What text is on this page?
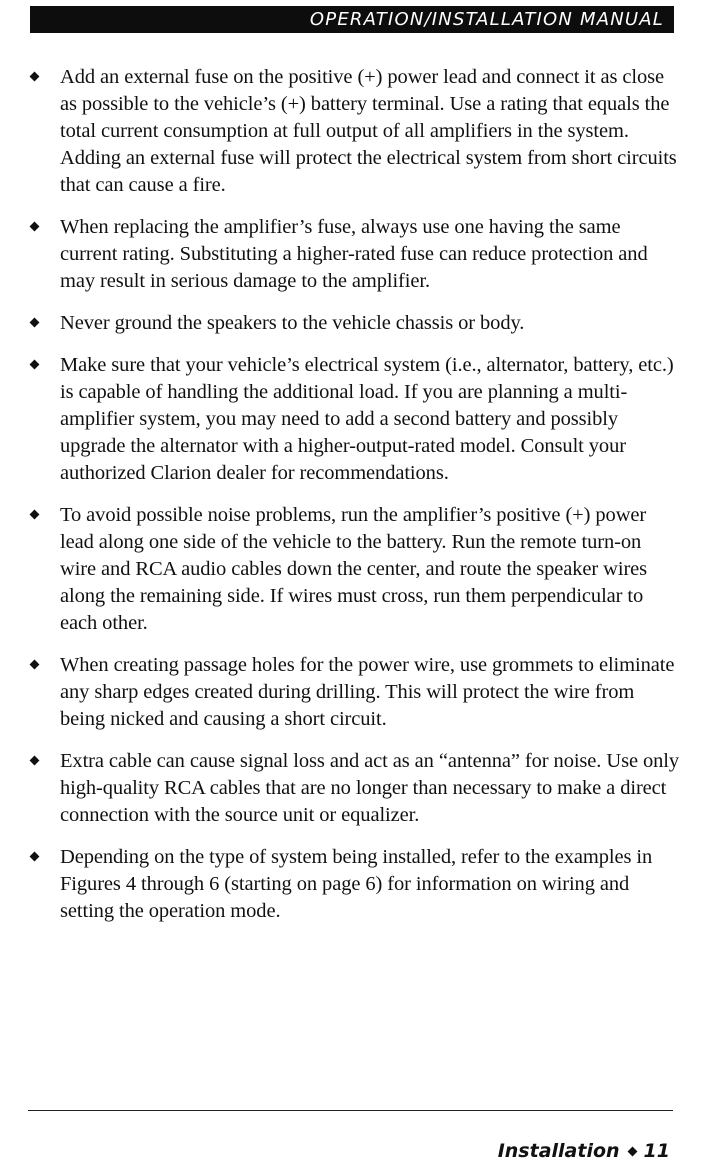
OPERATION/INSTALLATION MANUAL
Add an external fuse on the positive (+) power lead and connect it as close as possible to the vehicle’s (+) battery terminal. Use a rating that equals the total current consumption at full output of all amplifiers in the system. Adding an external fuse will protect the electrical system from short circuits that can cause a fire.
When replacing the amplifier’s fuse, always use one having the same current rating. Substituting a higher-rated fuse can reduce protection and may result in serious damage to the amplifier.
Never ground the speakers to the vehicle chassis or body.
Make sure that your vehicle’s electrical system (i.e., alternator, battery, etc.) is capable of handling the additional load. If you are planning a multi-amplifier system, you may need to add a second battery and possibly upgrade the alternator with a higher-output-rated model. Consult your authorized Clarion dealer for recommendations.
To avoid possible noise problems, run the amplifier’s positive (+) power lead along one side of the vehicle to the battery. Run the remote turn-on wire and RCA audio cables down the center, and route the speaker wires along the remaining side. If wires must cross, run them perpendicular to each other.
When creating passage holes for the power wire, use grommets to eliminate any sharp edges created during drilling. This will protect the wire from being nicked and causing a short circuit.
Extra cable can cause signal loss and act as an “antenna” for noise. Use only high-quality RCA cables that are no longer than necessary to make a direct connection with the source unit or equalizer.
Depending on the type of system being installed, refer to the examples in Figures 4 through 6 (starting on page 6) for information on wiring and setting the operation mode.
Installation 11
